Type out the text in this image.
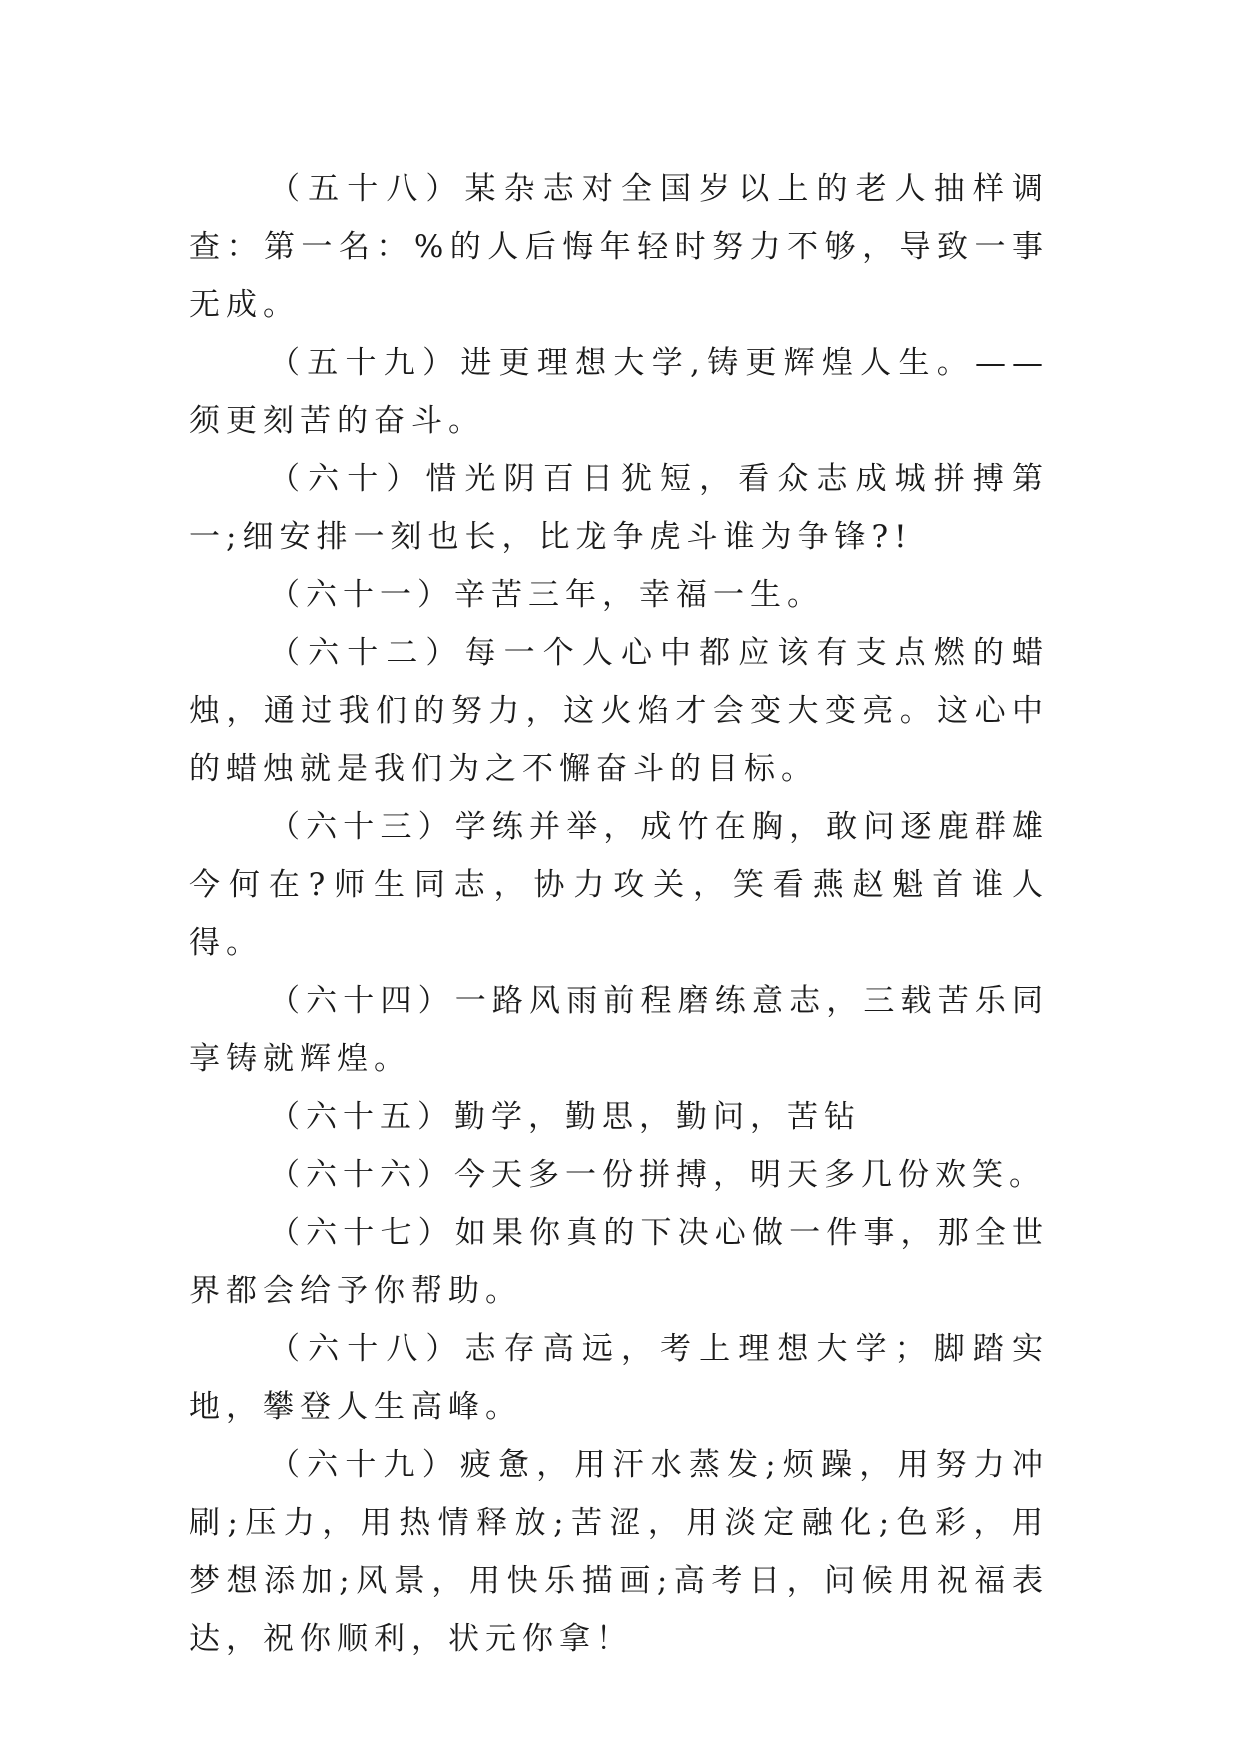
（五十八）某杂志对全国岁以上的老人抽样调查：第一名：%的人后悔年轻时努力不够，导致一事无成。

（五十九）进更理想大学,铸更辉煌人生。——须更刻苦的奋斗。

（六十）惜光阴百日犹短，看众志成城拼搏第一;细安排一刻也长，比龙争虎斗谁为争锋?!

（六十一）辛苦三年，幸福一生。

（六十二）每一个人心中都应该有支点燃的蜡烛，通过我们的努力，这火焰才会变大变亮。这心中的蜡烛就是我们为之不懈奋斗的目标。

（六十三）学练并举，成竹在胸，敢问逐鹿群雄今何在?师生同志，协力攻关，笑看燕赵魁首谁人得。

（六十四）一路风雨前程磨练意志，三载苦乐同享铸就辉煌。

（六十五）勤学，勤思，勤问，苦钻

（六十六）今天多一份拼搏，明天多几份欢笑。

（六十七）如果你真的下决心做一件事，那全世界都会给予你帮助。

（六十八）志存高远，考上理想大学；脚踏实地，攀登人生高峰。

（六十九）疲惫，用汗水蒸发;烦躁，用努力冲刷;压力，用热情释放;苦涩，用淡定融化;色彩，用梦想添加;风景，用快乐描画;高考日，问候用祝福表达，祝你顺利，状元你拿！
